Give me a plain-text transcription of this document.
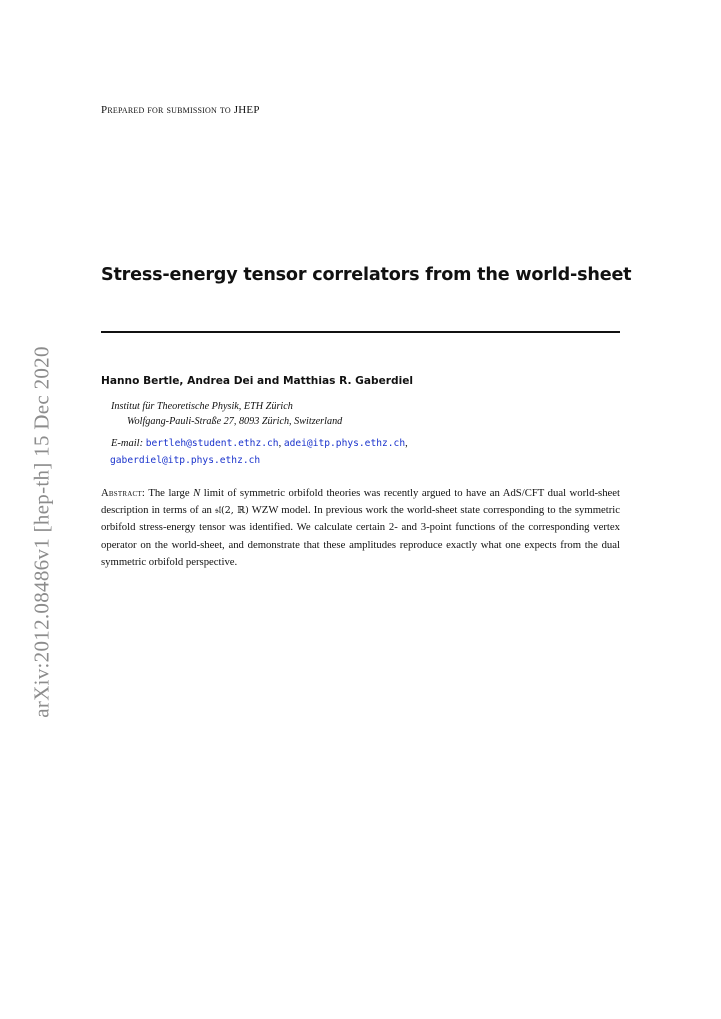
Prepared for submission to JHEP
Stress-energy tensor correlators from the world-sheet
Hanno Bertle, Andrea Dei and Matthias R. Gaberdiel
Institut für Theoretische Physik, ETH Zürich
Wolfgang-Pauli-Straße 27, 8093 Zürich, Switzerland
E-mail: bertleh@student.ethz.ch, adei@itp.phys.ethz.ch,
gaberdiel@itp.phys.ethz.ch
Abstract: The large N limit of symmetric orbifold theories was recently argued to have an AdS/CFT dual world-sheet description in terms of an 𝔰𝔩(2, ℝ) WZW model. In previous work the world-sheet state corresponding to the symmetric orbifold stress-energy tensor was identified. We calculate certain 2- and 3-point functions of the corresponding vertex operator on the world-sheet, and demonstrate that these amplitudes reproduce exactly what one expects from the dual symmetric orbifold perspective.
arXiv:2012.08486v1 [hep-th] 15 Dec 2020
